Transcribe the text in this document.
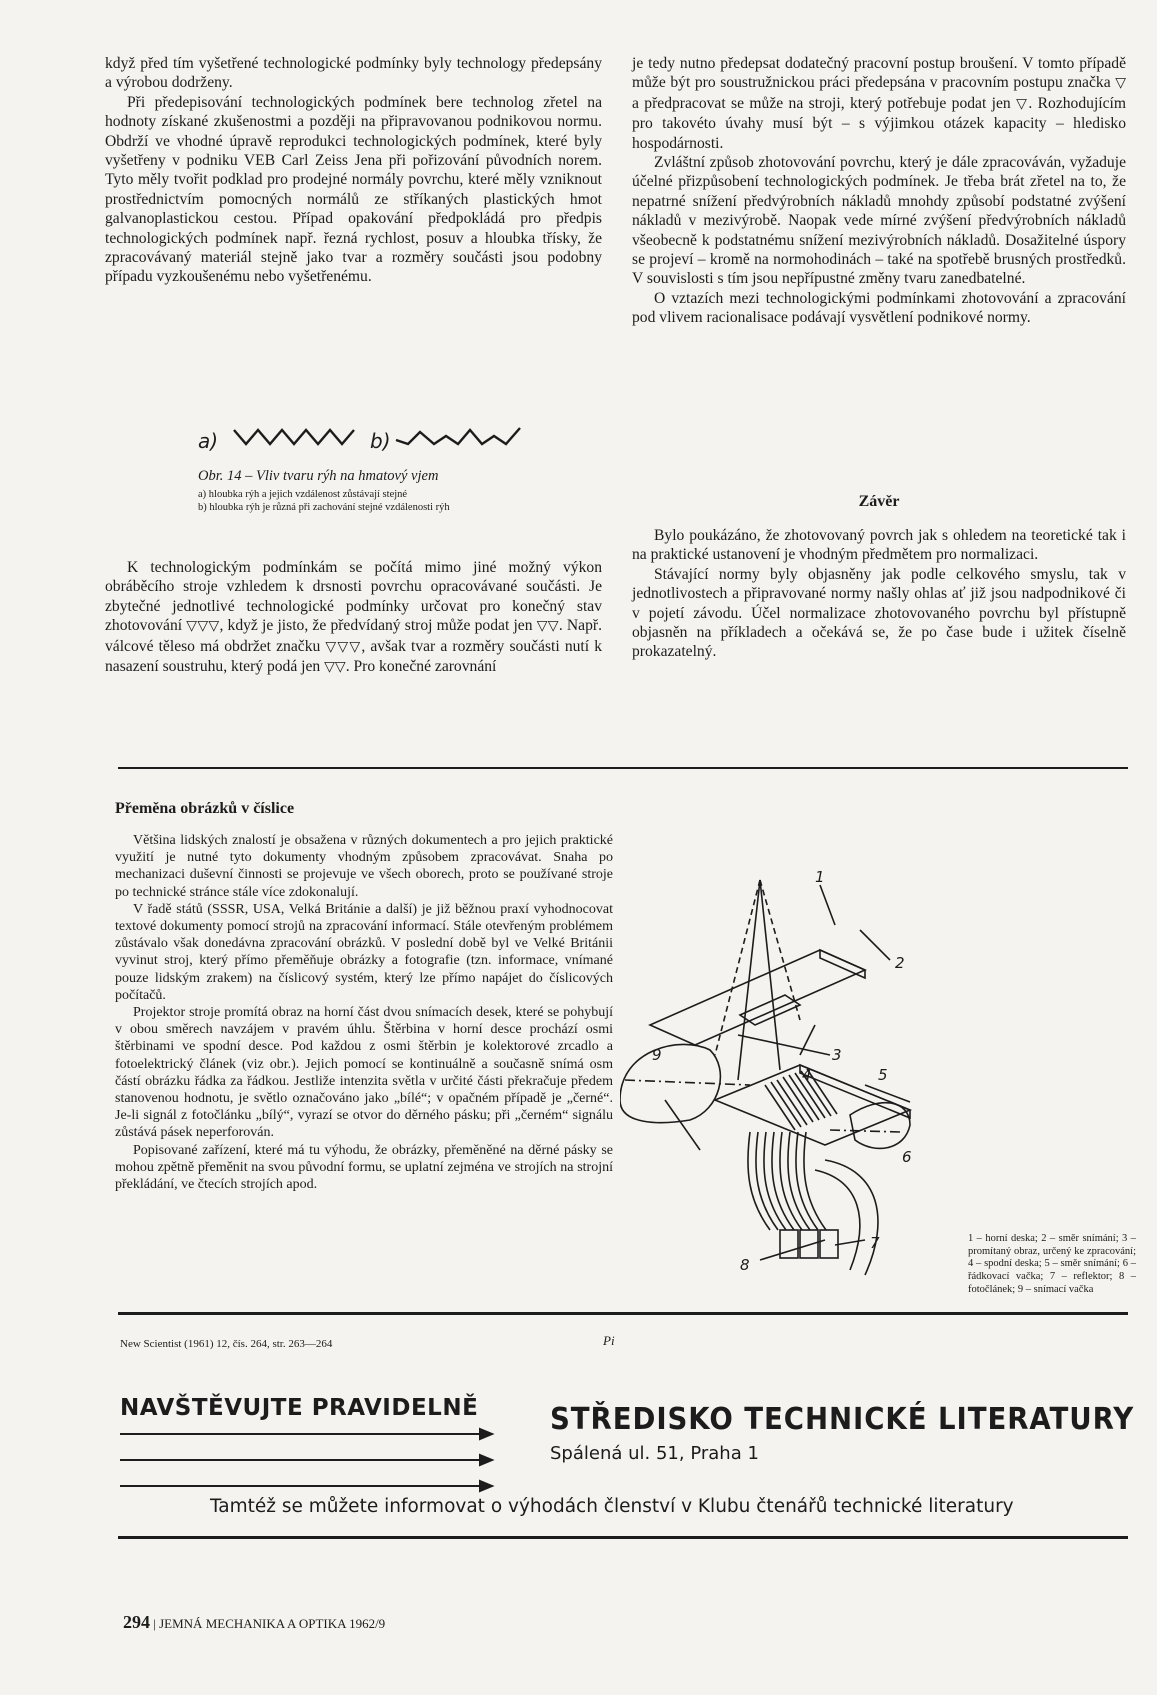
když před tím vyšetřené technologické podmínky byly technology předepsány a výrobou dodrženy.

Při předepisování technologických podmínek bere technolog zřetel na hodnoty získané zkušenostmi a později na připravovanou podnikovou normu. Obdrží ve vhodné úpravě reprodukci technologických podmínek, které byly vyšetřeny v podniku VEB Carl Zeiss Jena při pořizování původních norem. Tyto měly tvořit podklad pro prodejné normály povrchu, které měly vzniknout prostřednictvím pomocných normálů ze stříkaných plastických hmot galvanoplastickou cestou. Případ opakování předpokládá pro předpis technologických podmínek např. řezná rychlost, posuv a hloubka třísky, že zpracovávaný materiál stejně jako tvar a rozměry součásti jsou podobny případu vyzkoušenému nebo vyšetřenému.

a)	b)

Obr. 14 – Vliv tvaru rýh na hmatový vjem

a) hloubka rýh a jejich vzdálenost zůstávají stejné

b) hloubka rýh je různá při zachování stejné vzdálenosti rýh

K technologickým podmínkám se počítá mimo jiné možný výkon obráběcího stroje vzhledem k drsnosti povrchu opracovávané součásti. Je zbytečné jednotlivé technologické podmínky určovat pro konečný stav zhotovování ▽▽▽, když je jisto, že předvídaný stroj může podat jen ▽▽. Např. válcové těleso má obdržet značku ▽▽▽, avšak tvar a rozměry součásti nutí k nasazení soustruhu, který podá jen ▽▽. Pro konečné zarovnání

je tedy nutno předepsat dodatečný pracovní postup broušení. V tomto případě může být pro soustružnickou práci předepsána v pracovním postupu značka ▽ a předpracovat se může na stroji, který potřebuje podat jen ▽. Rozhodujícím pro takovéto úvahy musí být – s výjimkou otázek kapacity – hledisko hospodárnosti.

Zvláštní způsob zhotovování povrchu, který je dále zpracováván, vyžaduje účelné přizpůsobení technologických podmínek. Je třeba brát zřetel na to, že nepatrné snížení předvýrobních nákladů mnohdy způsobí podstatné zvýšení nákladů v mezivýrobě. Naopak vede mírné zvýšení předvýrobních nákladů všeobecně k podstatnému snížení mezivýrobních nákladů. Dosažitelné úspory se projeví – kromě na normohodinách – také na spotřebě brusných prostředků. V souvislosti s tím jsou nepřípustné změny tvaru zanedbatelné.

O vztazích mezi technologickými podmínkami zhotovování a zpracování pod vlivem racionalisace podávají vysvětlení podnikové normy.

Závěr

Bylo poukázáno, že zhotovovaný povrch jak s ohledem na teoretické tak i na praktické ustanovení je vhodným předmětem pro normalizaci.

Stávající normy byly objasněny jak podle celkového smyslu, tak v jednotlivostech a připravované normy našly ohlas ať již jsou nadpodnikové či v pojetí závodu. Účel normalizace zhotovovaného povrchu byl přístupně objasněn na příkladech a očekává se, že po čase bude i užitek číselně prokazatelný.

Přeměna obrázků v číslice

Většina lidských znalostí je obsažena v různých dokumentech a pro jejich praktické využití je nutné tyto dokumenty vhodným způsobem zpracovávat. Snaha po mechanizaci duševní činnosti se projevuje ve všech oborech, proto se používané stroje po technické stránce stále více zdokonalují.

V řadě států (SSSR, USA, Velká Británie a další) je již běžnou praxí vyhodnocovat textové dokumenty pomocí strojů na zpracování informací. Stále otevřeným problémem zůstávalo však donedávna zpracování obrázků. V poslední době byl ve Velké Británii vyvinut stroj, který přímo přeměňuje obrázky a fotografie (tzn. informace, vnímané pouze lidským zrakem) na číslicový systém, který lze přímo napájet do číslicových počítačů.

Projektor stroje promítá obraz na horní část dvou snímacích desek, které se pohybují v obou směrech navzájem v pravém úhlu. Štěrbina v horní desce prochází osmi štěrbinami ve spodní desce. Pod každou z osmi štěrbin je kolektorové zrcadlo a fotoelektrický článek (viz obr.). Jejich pomocí se kontinuálně a současně snímá osm částí obrázku řádka za řádkou. Jestliže intenzita světla v určité části překračuje předem stanovenou hodnotu, je světlo označováno jako „bílé“; v opačném případě je „černé“. Je-li signál z fotočlánku „bílý“, vyrazí se otvor do děrného pásku; při „černém“ signálu zůstává pásek neperforován.

Popisované zařízení, které má tu výhodu, že obrázky, přeměněné na děrné pásky se mohou zpětně přeměnit na svou původní formu, se uplatní zejména ve strojích na strojní překládání, ve čtecích strojích apod.

New Scientist (1961) 12, čís. 264, str. 263—264	Pi
1
2
3
4	5
6
7
8
9
1 – horní deska; 2 – směr snímání; 3 – promítaný obraz, určený ke zpracování; 4 – spodní deska; 5 – směr snímání; 6 – řádkovací vačka; 7 – reflektor; 8 – fotočlánek; 9 – snímací vačka
NAVŠTĚVUJTE PRAVIDELNĚ STŘEDISKO TECHNICKÉ LITERATURY
Spálená ul. 51, Praha 1
Tamtéž se můžete informovat o výhodách členství v Klubu čtenářů technické literatury
294 | JEMNÁ MECHANIKA A OPTIKA 1962/9
